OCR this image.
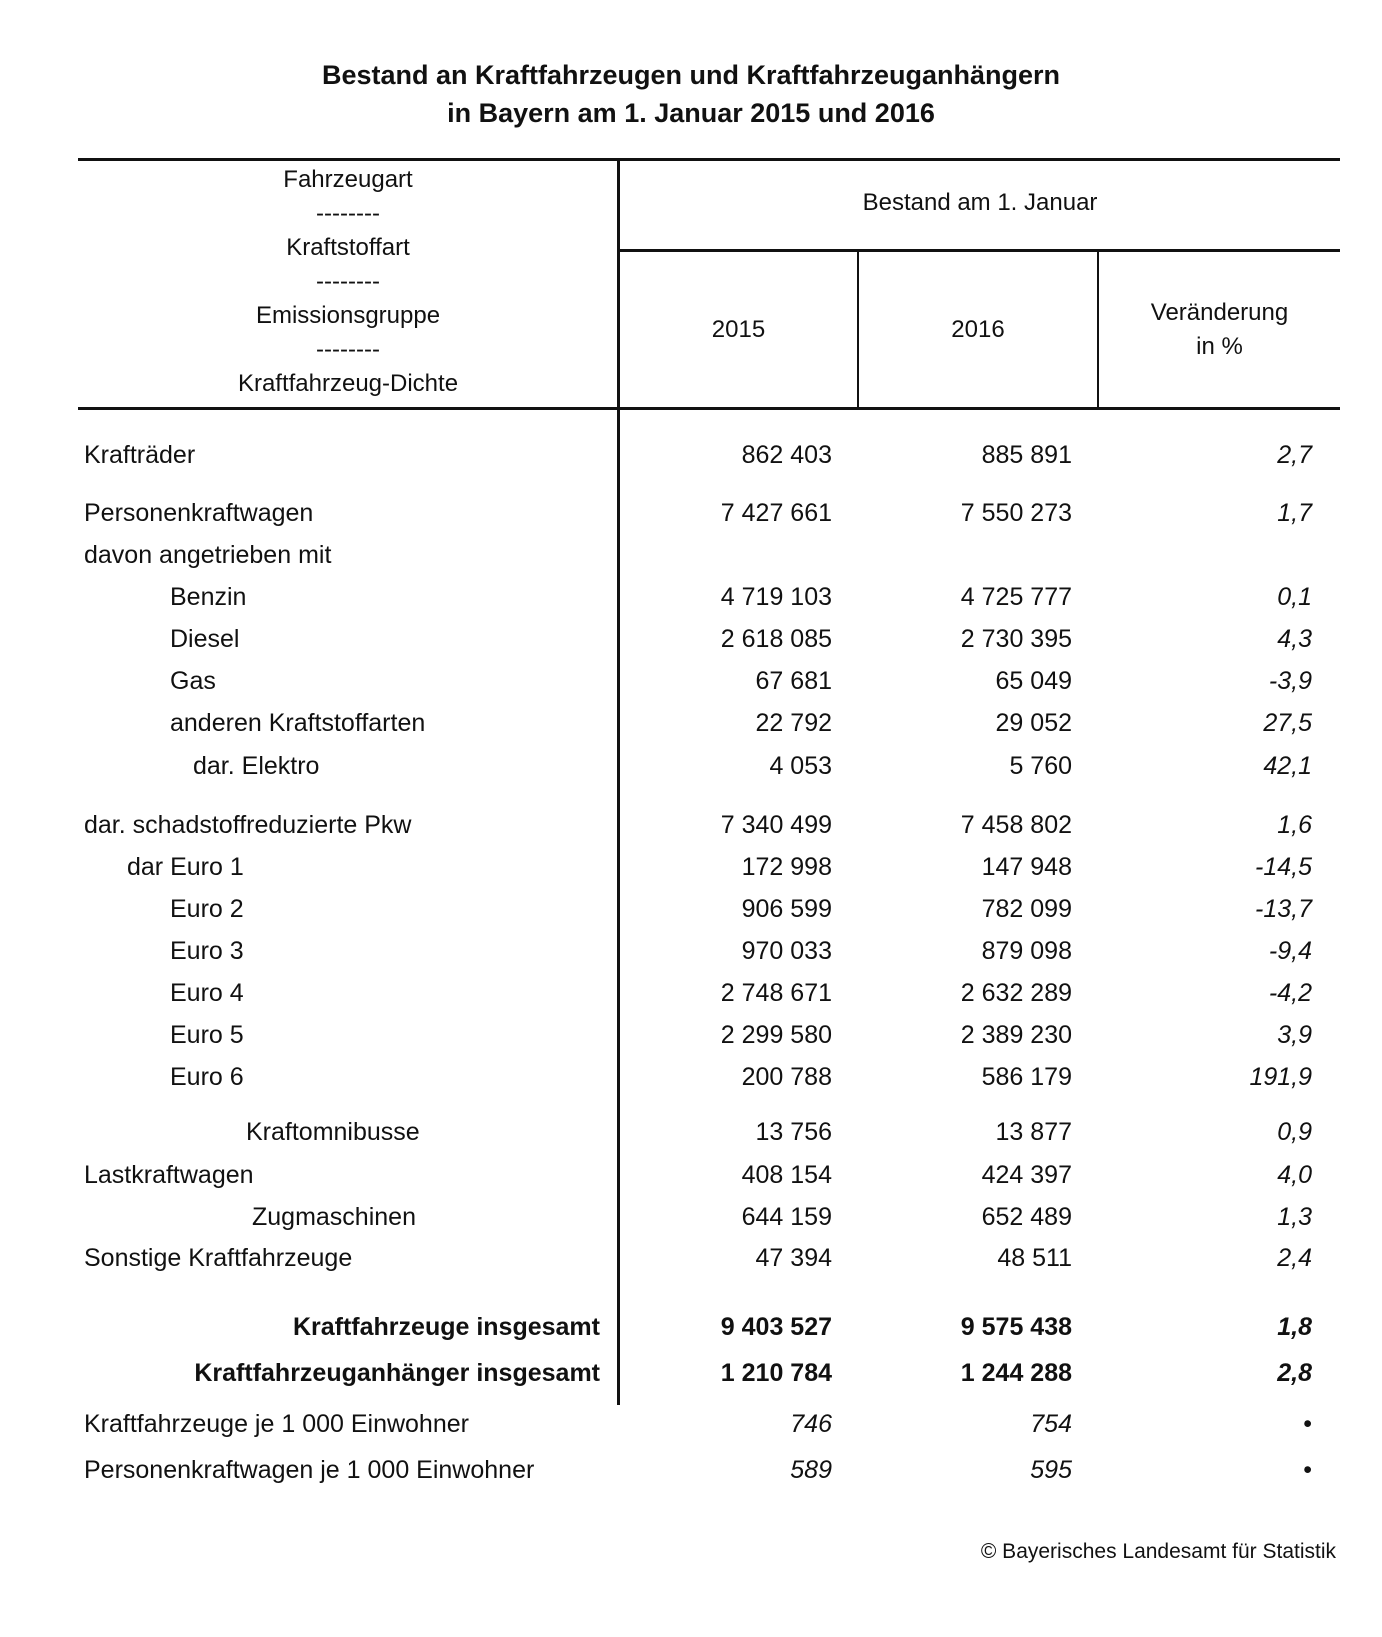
Bestand an Kraftfahrzeugen und Kraftfahrzeuganhängern
in Bayern am 1. Januar 2015 und 2016
Fahrzeugart
--------
Kraftstoffart
--------
Emissionsgruppe
--------
Kraftfahrzeug-Dichte
Bestand am 1. Januar
2015	2016
Veränderung
in %
Krafträder	862 403	885 891	2,7
Personenkraftwagen	7 427 661	7 550 273	1,7
davon angetrieben mit
Benzin	4 719 103	4 725 777	0,1
Diesel	2 618 085	2 730 395	4,3
Gas	67 681	65 049	-3,9
anderen Kraftstoffarten	22 792	29 052	27,5
dar. Elektro	4 053	5 760	42,1
dar. schadstoffreduzierte Pkw	7 340 499	7 458 802	1,6
dar Euro 1	172 998	147 948	-14,5
Euro 2	906 599	782 099	-13,7
Euro 3	970 033	879 098	-9,4
Euro 4	2 748 671	2 632 289	-4,2
Euro 5	2 299 580	2 389 230	3,9
Euro 6	200 788	586 179	191,9
Kraftomnibusse	13 756	13 877	0,9
Lastkraftwagen	408 154	424 397	4,0
Zugmaschinen	644 159	652 489	1,3
Sonstige Kraftfahrzeuge	47 394	48 511	2,4
Kraftfahrzeuge insgesamt	9 403 527	9 575 438	1,8
Kraftfahrzeuganhänger insgesamt	1 210 784	1 244 288	2,8
Kraftfahrzeuge je 1 000 Einwohner	746	754	•
Personenkraftwagen je 1 000 Einwohner	589	595	•
© Bayerisches Landesamt für Statistik
